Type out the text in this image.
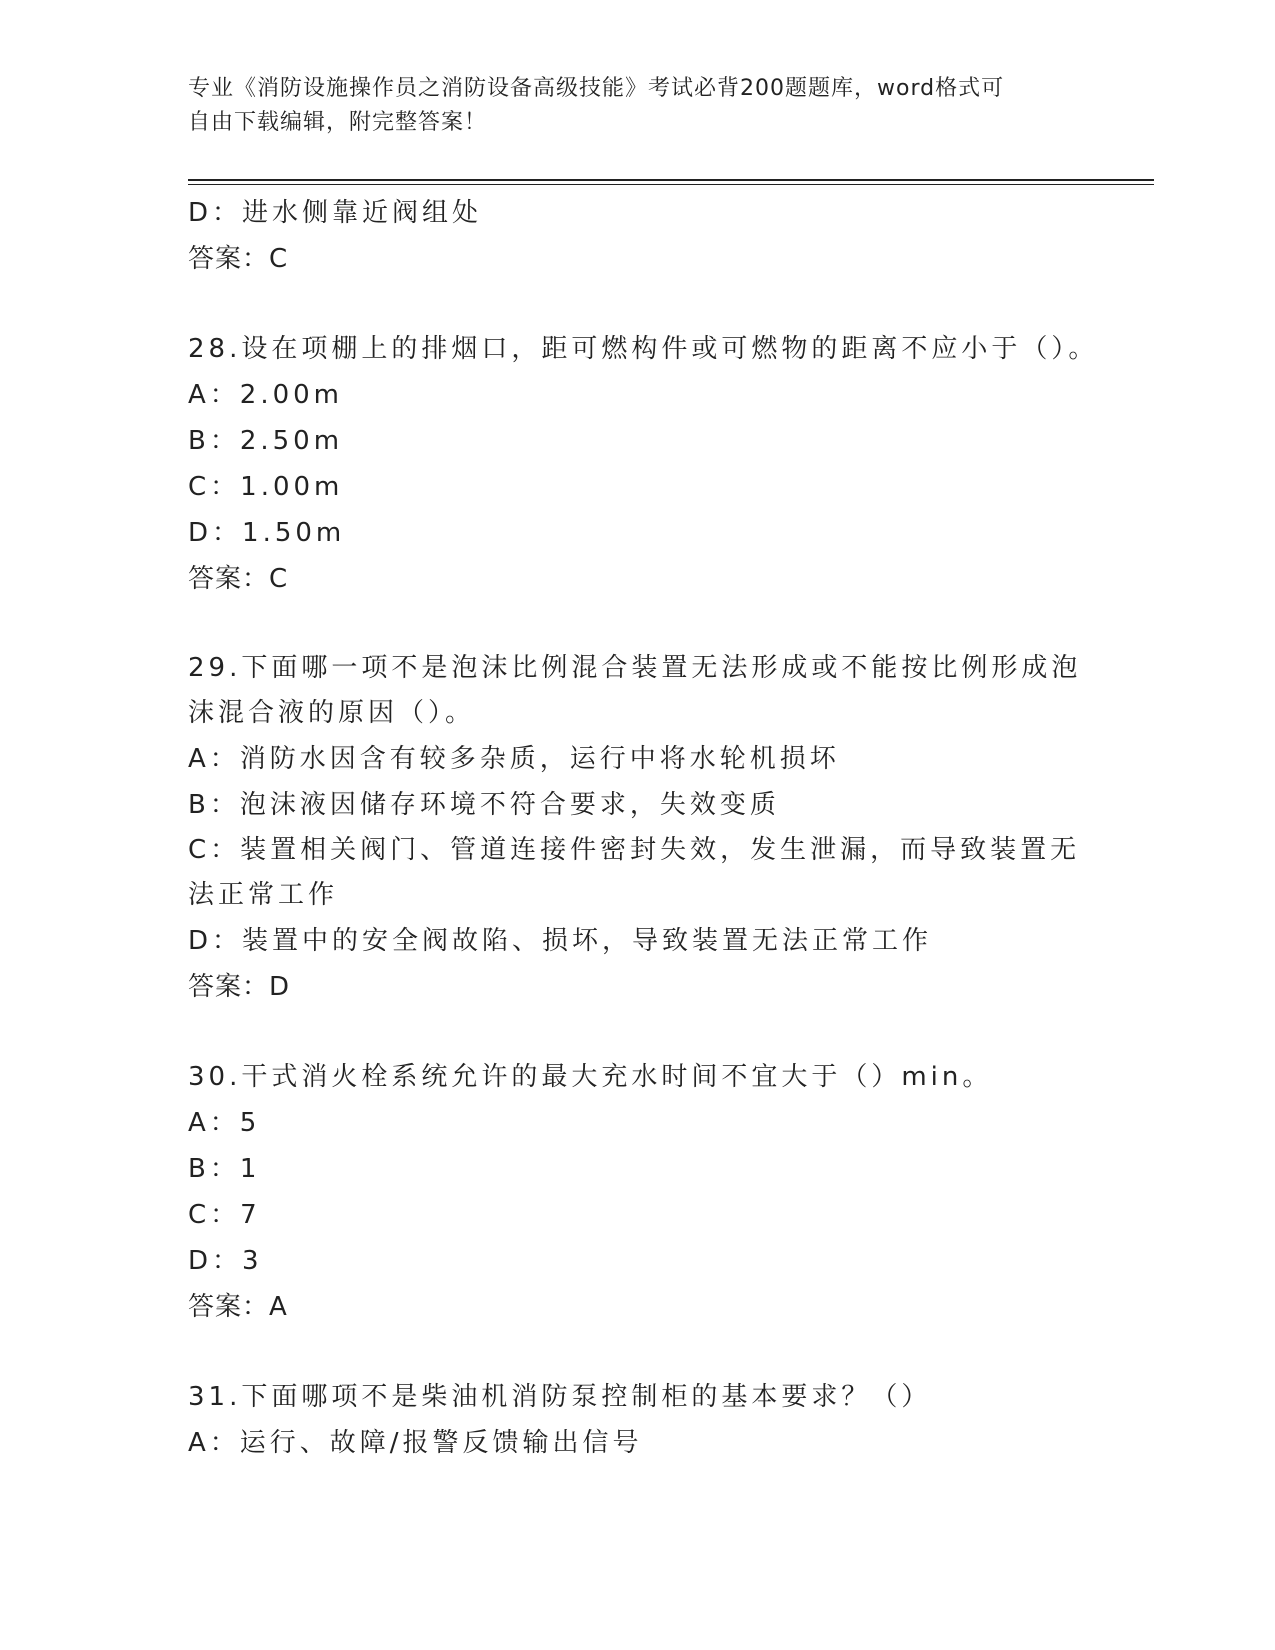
专业《消防设施操作员之消防设备高级技能》考试必背200题题库，word格式可
自由下载编辑，附完整答案！
D：进水侧靠近阀组处
答案：C
28.设在项棚上的排烟口，距可燃构件或可燃物的距离不应小于（）。
A：2.00m
B：2.50m
C：1.00m
D：1.50m
答案：C
29.下面哪一项不是泡沫比例混合装置无法形成或不能按比例形成泡沫混合液的原因（）。
A：消防水因含有较多杂质，运行中将水轮机损坏
B：泡沫液因储存环境不符合要求，失效变质
C：装置相关阀门、管道连接件密封失效，发生泄漏，而导致装置无法正常工作
D：装置中的安全阀故陷、损坏，导致装置无法正常工作
答案：D
30.干式消火栓系统允许的最大充水时间不宜大于（）min。
A：5
B：1
C：7
D：3
答案：A
31.下面哪项不是柴油机消防泵控制柜的基本要求？（）
A：运行、故障/报警反馈输出信号
